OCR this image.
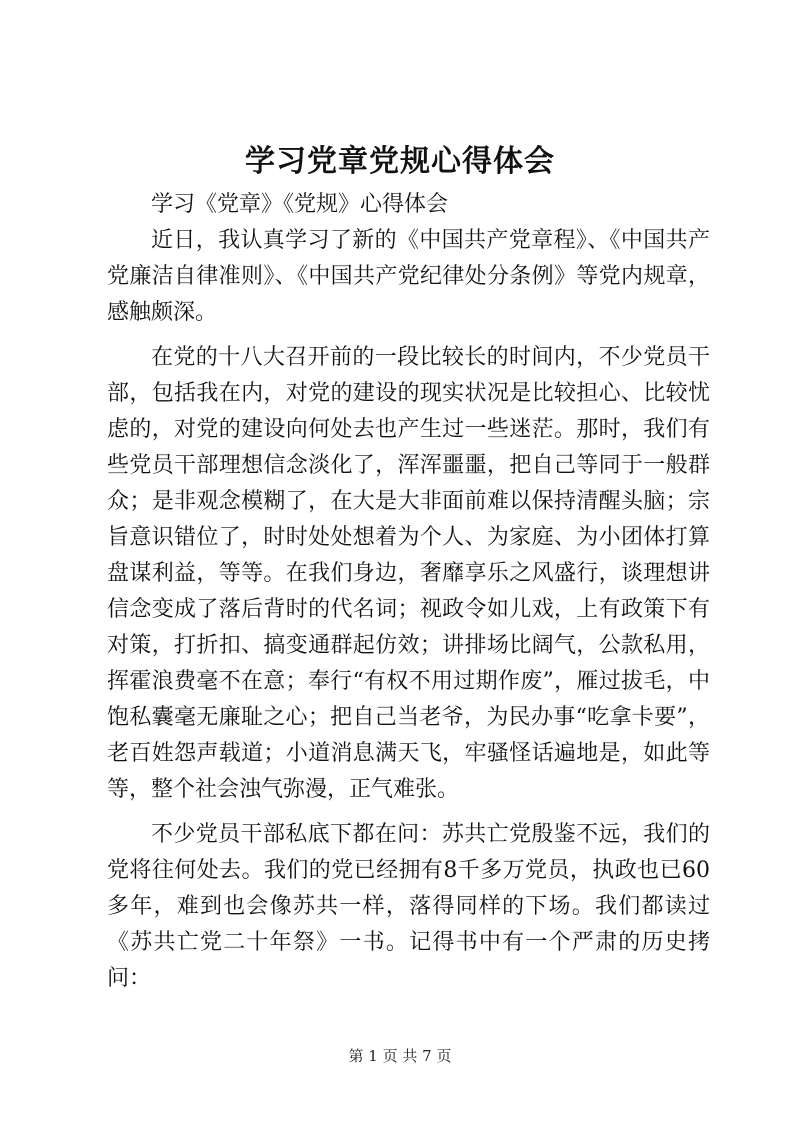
学习党章党规心得体会

学习《党章》《党规》心得体会

近日，我认真学习了新的《中国共产党章程》、《中国共产党廉洁自律准则》、《中国共产党纪律处分条例》等党内规章，感触颇深。

在党的十八大召开前的一段比较长的时间内，不少党员干部，包括我在内，对党的建设的现实状况是比较担心、比较忧虑的，对党的建设向何处去也产生过一些迷茫。那时，我们有些党员干部理想信念淡化了，浑浑噩噩，把自己等同于一般群众；是非观念模糊了，在大是大非面前难以保持清醒头脑；宗旨意识错位了，时时处处想着为个人、为家庭、为小团体打算盘谋利益，等等。在我们身边，奢靡享乐之风盛行，谈理想讲信念变成了落后背时的代名词；视政令如儿戏，上有政策下有对策，打折扣、搞变通群起仿效；讲排场比阔气，公款私用，挥霍浪费毫不在意；奉行“有权不用过期作废”，雁过拔毛，中饱私囊毫无廉耻之心；把自己当老爷，为民办事“吃拿卡要”，老百姓怨声载道；小道消息满天飞，牢骚怪话遍地是，如此等等，整个社会浊气弥漫，正气难张。

不少党员干部私底下都在问：苏共亡党殷鉴不远，我们的党将往何处去。我们的党已经拥有8千多万党员，执政也已60多年，难到也会像苏共一样，落得同样的下场。我们都读过《苏共亡党二十年祭》一书。记得书中有一个严肃的历史拷问：

第 1 页 共 7 页
